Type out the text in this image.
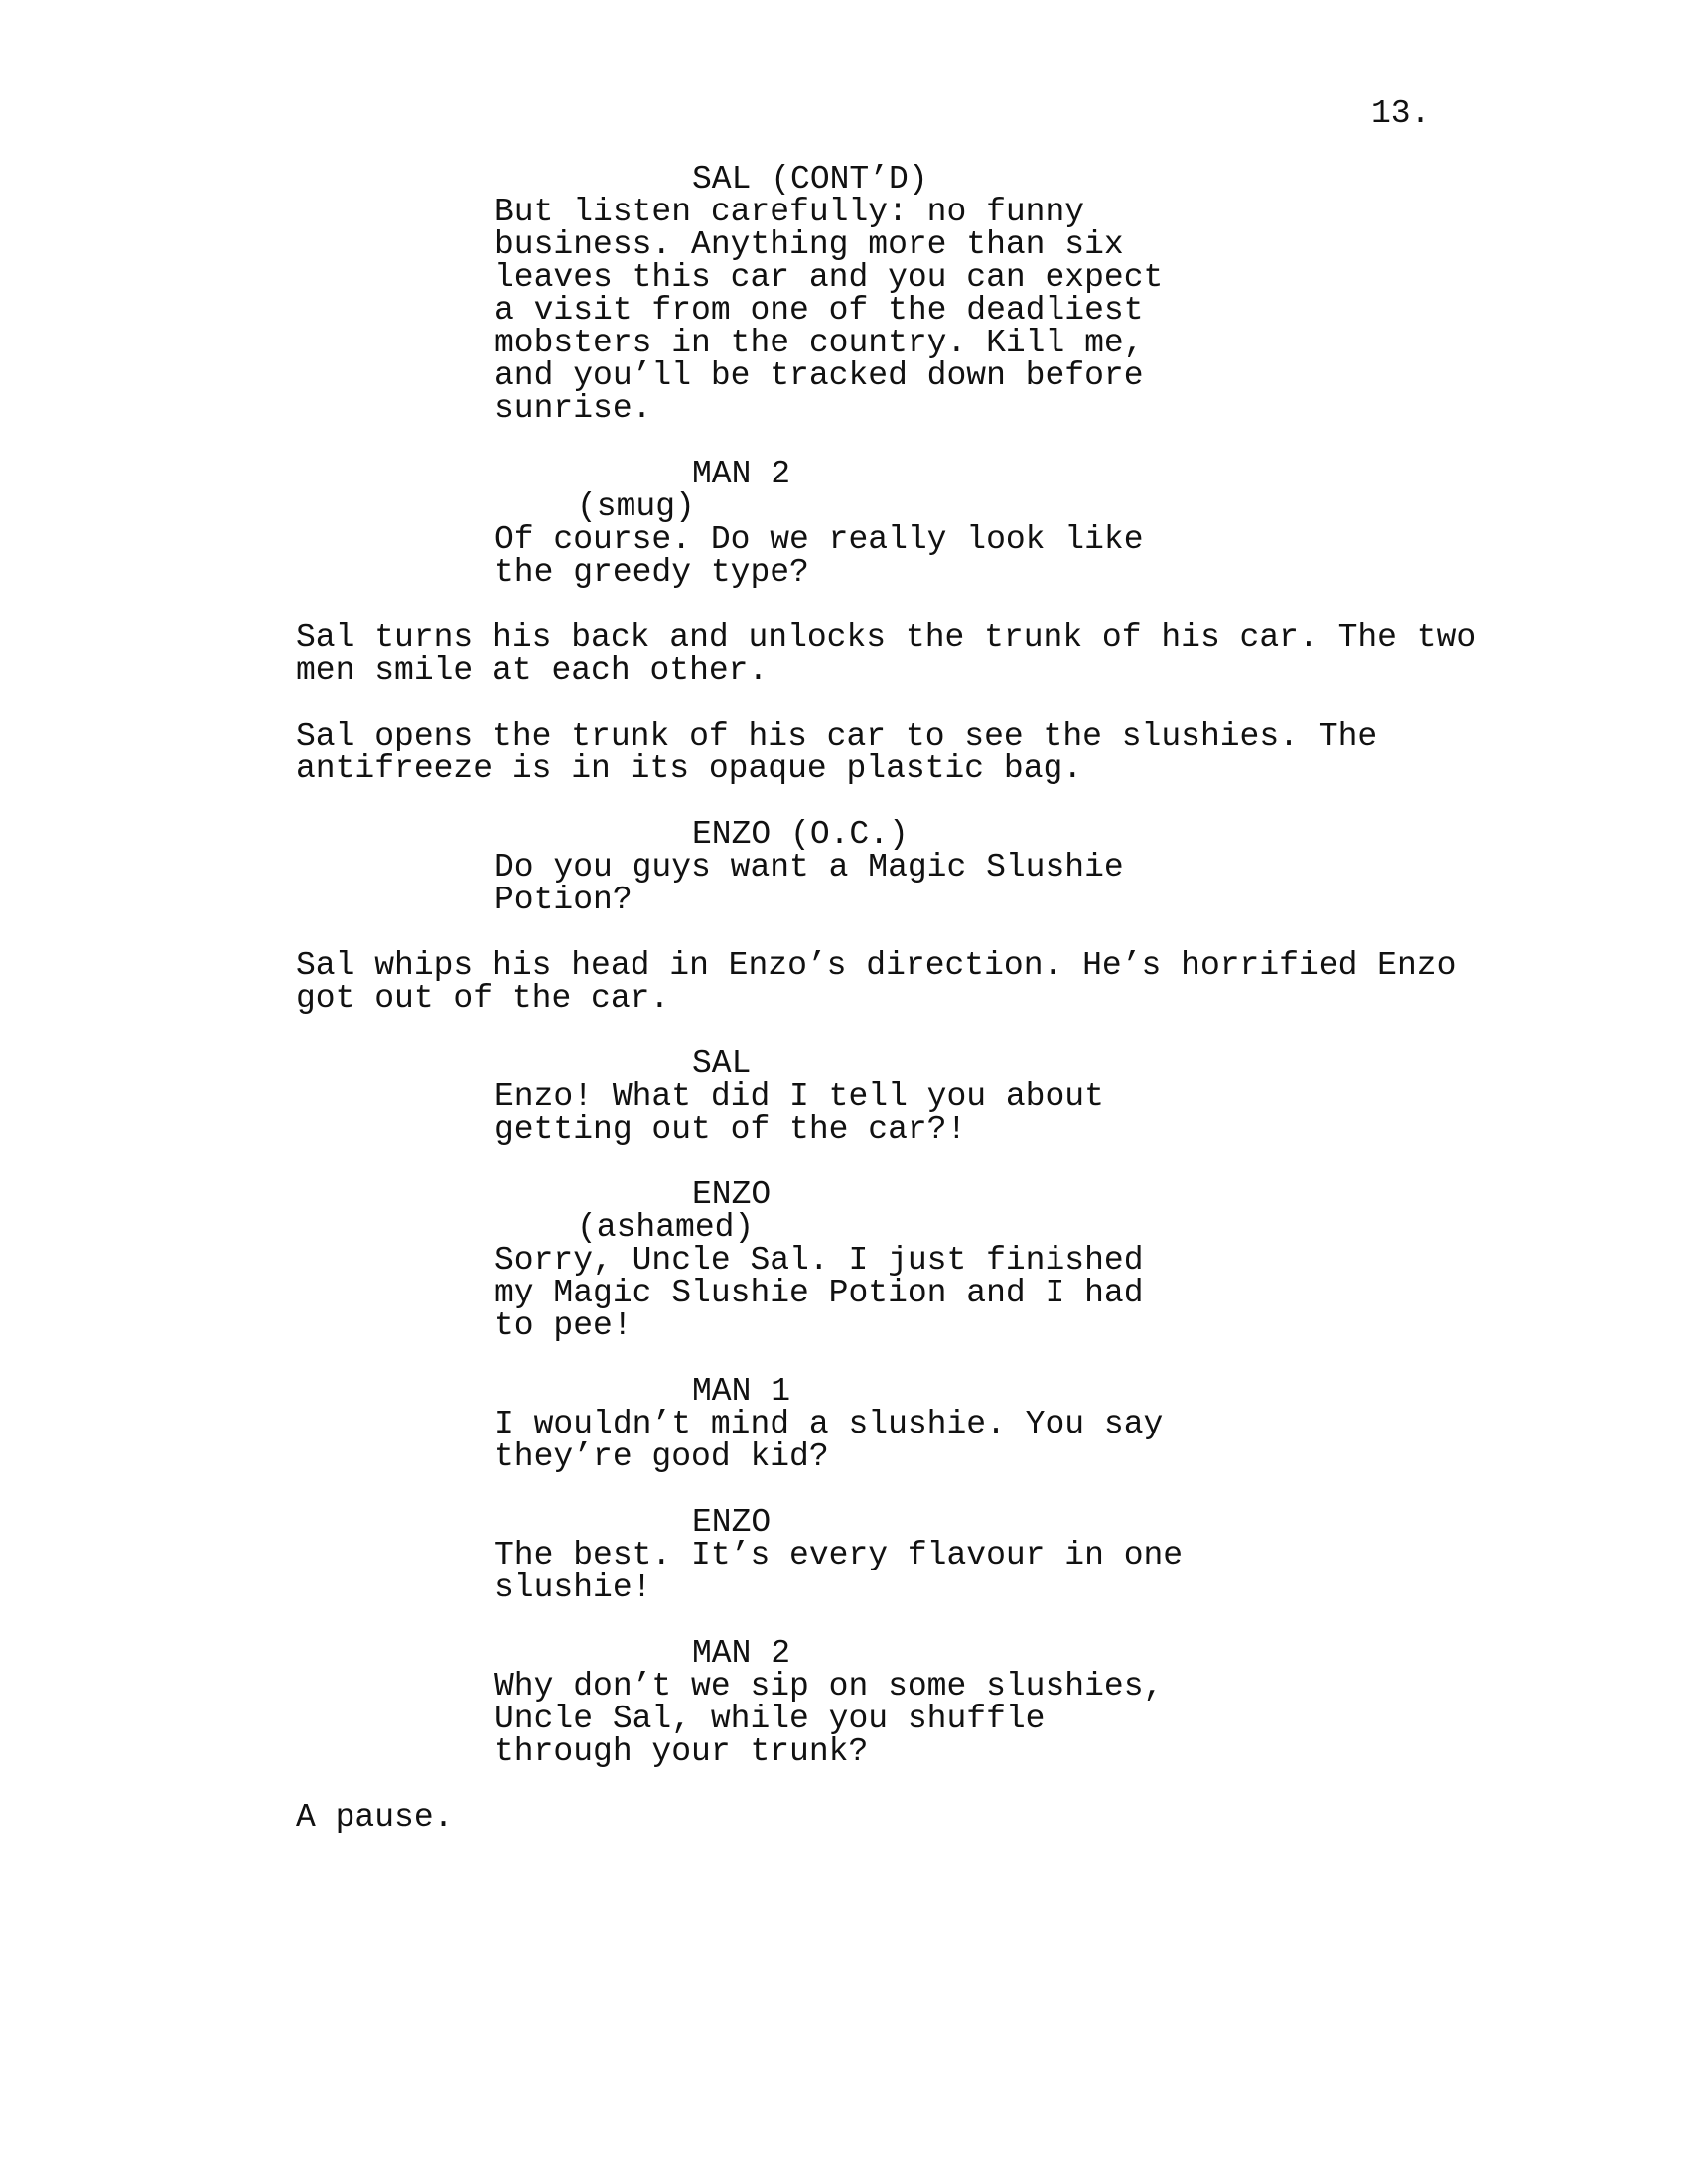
13.
SAL (CONT’D)
But listen carefully: no funny
business. Anything more than six
leaves this car and you can expect
a visit from one of the deadliest
mobsters in the country. Kill me,
and you’ll be tracked down before
sunrise.
MAN 2
(smug)
Of course. Do we really look like
the greedy type?
Sal turns his back and unlocks the trunk of his car. The two
men smile at each other.
Sal opens the trunk of his car to see the slushies. The
antifreeze is in its opaque plastic bag.
ENZO (O.C.)
Do you guys want a Magic Slushie
Potion?
Sal whips his head in Enzo’s direction. He’s horrified Enzo
got out of the car.
SAL
Enzo! What did I tell you about
getting out of the car?!
ENZO
(ashamed)
Sorry, Uncle Sal. I just finished
my Magic Slushie Potion and I had
to pee!
MAN 1
I wouldn’t mind a slushie. You say
they’re good kid?
ENZO
The best. It’s every flavour in one
slushie!
MAN 2
Why don’t we sip on some slushies,
Uncle Sal, while you shuffle
through your trunk?
A pause.
